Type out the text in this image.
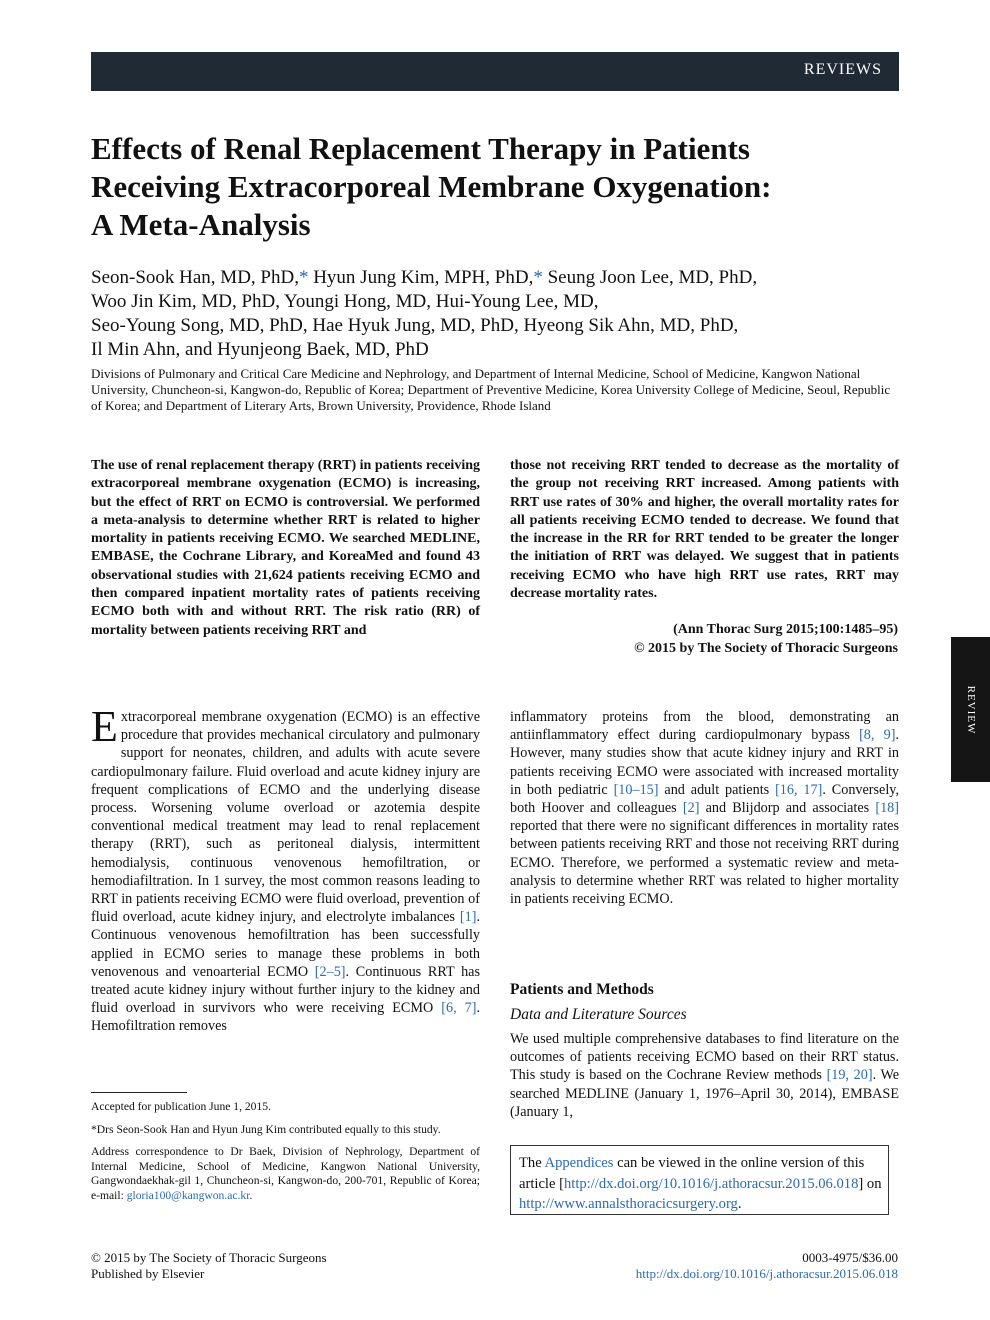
REVIEWS
Effects of Renal Replacement Therapy in Patients
Receiving Extracorporeal Membrane Oxygenation:
A Meta-Analysis
Seon-Sook Han, MD, PhD,* Hyun Jung Kim, MPH, PhD,* Seung Joon Lee, MD, PhD,
Woo Jin Kim, MD, PhD, Youngi Hong, MD, Hui-Young Lee, MD,
Seo-Young Song, MD, PhD, Hae Hyuk Jung, MD, PhD, Hyeong Sik Ahn, MD, PhD,
Il Min Ahn, and Hyunjeong Baek, MD, PhD
Divisions of Pulmonary and Critical Care Medicine and Nephrology, and Department of Internal Medicine, School of Medicine, Kangwon National University, Chuncheon-si, Kangwon-do, Republic of Korea; Department of Preventive Medicine, Korea University College of Medicine, Seoul, Republic of Korea; and Department of Literary Arts, Brown University, Providence, Rhode Island
The use of renal replacement therapy (RRT) in patients receiving extracorporeal membrane oxygenation (ECMO) is increasing, but the effect of RRT on ECMO is controversial. We performed a meta-analysis to determine whether RRT is related to higher mortality in patients receiving ECMO. We searched MEDLINE, EMBASE, the Cochrane Library, and KoreaMed and found 43 observational studies with 21,624 patients receiving ECMO and then compared inpatient mortality rates of patients receiving ECMO both with and without RRT. The risk ratio (RR) of mortality between patients receiving RRT and
those not receiving RRT tended to decrease as the mortality of the group not receiving RRT increased. Among patients with RRT use rates of 30% and higher, the overall mortality rates for all patients receiving ECMO tended to decrease. We found that the increase in the RR for RRT tended to be greater the longer the initiation of RRT was delayed. We suggest that in patients receiving ECMO who have high RRT use rates, RRT may decrease mortality rates.
(Ann Thorac Surg 2015;100:1485–95)
© 2015 by The Society of Thoracic Surgeons

Extracorporeal membrane oxygenation (ECMO) is an effective procedure that provides mechanical circulatory and pulmonary support for neonates, children, and adults with acute severe cardiopulmonary failure. Fluid overload and acute kidney injury are frequent complications of ECMO and the underlying disease process. Worsening volume overload or azotemia despite conventional medical treatment may lead to renal replacement therapy (RRT), such as peritoneal dialysis, intermittent hemodialysis, continuous venovenous hemofiltration, or hemodiafiltration. In 1 survey, the most common reasons leading to RRT in patients receiving ECMO were fluid overload, prevention of fluid overload, acute kidney injury, and electrolyte imbalances [1]. Continuous venovenous hemofiltration has been successfully applied in ECMO series to manage these problems in both venovenous and venoarterial ECMO [2–5]. Continuous RRT has treated acute kidney injury without further injury to the kidney and fluid overload in survivors who were receiving ECMO [6, 7]. Hemofiltration removes

inflammatory proteins from the blood, demonstrating an antiinflammatory effect during cardiopulmonary bypass [8, 9]. However, many studies show that acute kidney injury and RRT in patients receiving ECMO were associated with increased mortality in both pediatric [10–15] and adult patients [16, 17]. Conversely, both Hoover and colleagues [2] and Blijdorp and associates [18] reported that there were no significant differences in mortality rates between patients receiving RRT and those not receiving RRT during ECMO. Therefore, we performed a systematic review and meta-analysis to determine whether RRT was related to higher mortality in patients receiving ECMO.

Patients and Methods
Data and Literature Sources

We used multiple comprehensive databases to find literature on the outcomes of patients receiving ECMO based on their RRT status. This study is based on the Cochrane Review methods [19, 20]. We searched MEDLINE (January 1, 1976–April 30, 2014), EMBASE (January 1,

Accepted for publication June 1, 2015.

*Drs Seon-Sook Han and Hyun Jung Kim contributed equally to this study.

Address correspondence to Dr Baek, Division of Nephrology, Department of Internal Medicine, School of Medicine, Kangwon National University, Gangwondaekhak-gil 1, Chuncheon-si, Kangwon-do, 200-701, Republic of Korea; e-mail: gloria100@kangwon.ac.kr.

The Appendices can be viewed in the online version of this article [http://dx.doi.org/10.1016/j.athoracsur.2015.06.018] on http://www.annalsthoracicsurgery.org.
© 2015 by The Society of Thoracic Surgeons
Published by Elsevier
0003-4975/$36.00
http://dx.doi.org/10.1016/j.athoracsur.2015.06.018
REVIEW
